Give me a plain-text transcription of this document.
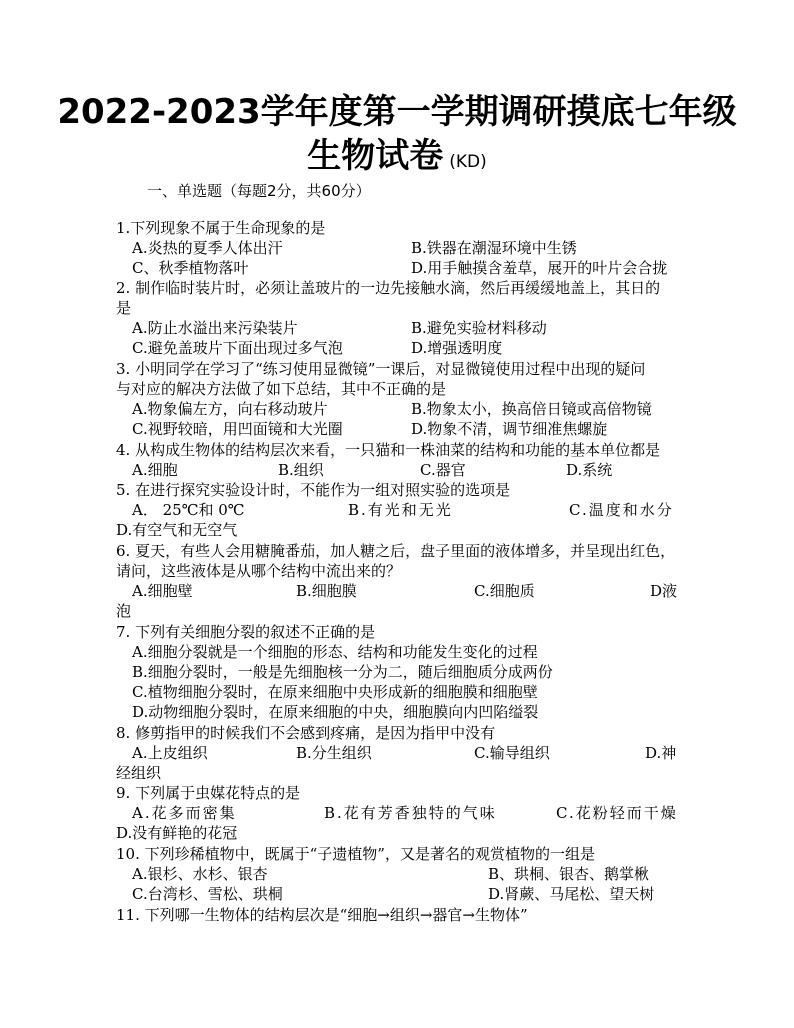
2022-2023学年度第一学期调研摸底七年级
生物试卷 (KD)
一、单选题（每题2分，共60分）
1.下列现象不属于生命现象的是
A.炎热的夏季人体出汗	B.铁器在潮湿环境中生锈
C、秋季植物落叶	D.用手触摸含羞草，展开的叶片会合拢
2. 制作临时装片时，必须让盖玻片的一边先接触水滴，然后再缓缓地盖上，其日的
是
A.防止水溢出来污染装片	B.避免实验材料移动
C.避免盖玻片下面出现过多气泡	D.增强透明度
3. 小明同学在学习了“练习使用显微镜”一课后，对显微镜使用过程中出现的疑问
与对应的解决方法做了如下总结，其中不正确的是
A.物象偏左方，向右移动玻片	B.物象太小，换高倍日镜或高倍物镜
C.视野较暗，用凹面镜和大光圈	D.物象不清，调节细准焦螺旋
4. 从构成生物体的结构层次来看，一只猫和一株油菜的结构和功能的基本单位都是
A.细胞	B.组织	C.器官	D.系统
5. 在进行探究实验设计时，不能作为一组对照实验的选项是
A． 25℃和 0℃	B.有光和无光	C.温度和水分
D.有空气和无空气
6. 夏天，有些人会用糖腌番茄，加人糖之后，盘子里面的液体增多，并呈现出红色，
请问，这些液体是从哪个结构中流出来的？
A.细胞壁	B.细胞膜	C.细胞质	D液
泡
7. 下列有关细胞分裂的叙述不正确的是
A.细胞分裂就是一个细胞的形态、结构和功能发生变化的过程
B.细胞分裂时，一般是先细胞核一分为二，随后细胞质分成两份
C.植物细胞分裂时，在原来细胞中央形成新的细胞膜和细胞壁
D.动物细胞分裂时，在原来细胞的中央，细胞膜向内凹陷缢裂
8. 修剪指甲的时候我们不会感到疼痛，是因为指甲中没有
A.上皮组织	B.分生组织	C.输导组织	D.神
经组织
9. 下列属于虫媒花特点的是
A.花多而密集	B.花有芳香独特的气味	C.花粉轻而干燥
D.没有鲜艳的花冠
10. 下列珍稀植物中，既属于“子遗植物”，又是著名的观赏植物的一组是
A.银杉、水杉、银杏	B、珙桐、银杏、鹅掌楸
C.台湾杉、雪松、珙桐	D.肾蕨、马尾松、望天树
11. 下列哪一生物体的结构层次是“细胞→组织→器官→生物体”
